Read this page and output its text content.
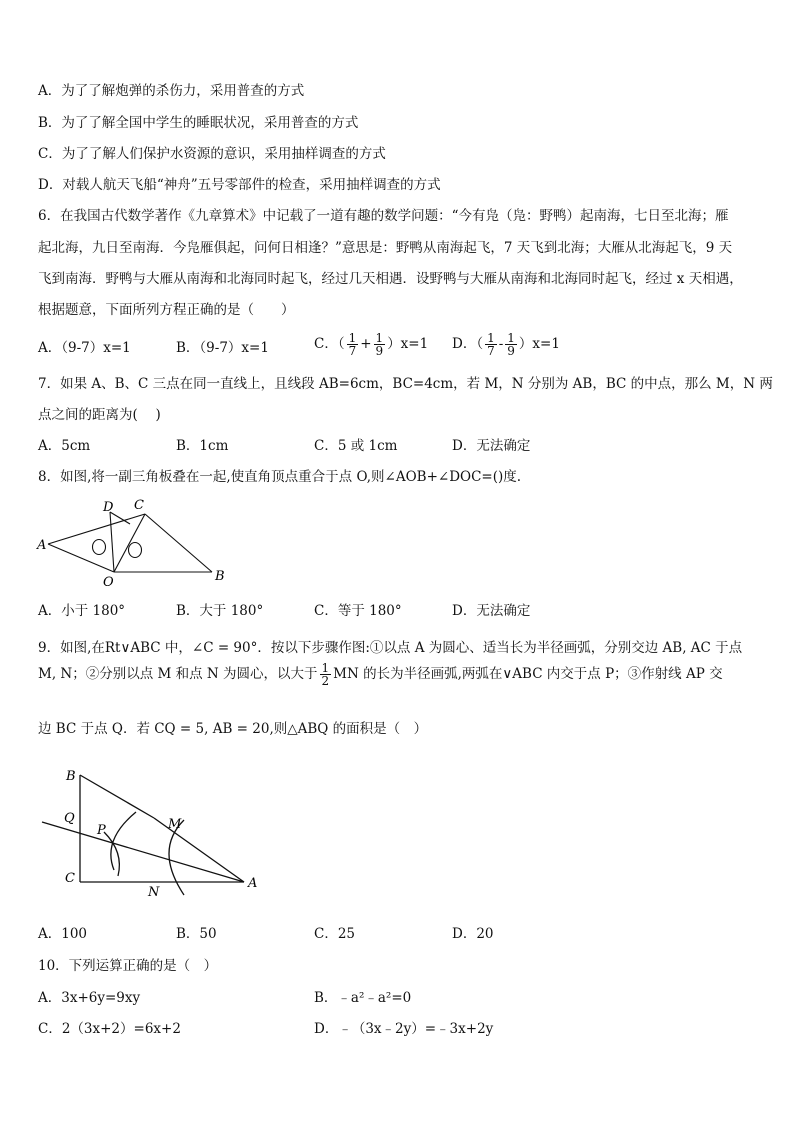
A．为了了解炮弹的杀伤力，采用普查的方式
B．为了了解全国中学生的睡眠状况，采用普查的方式
C．为了了解人们保护水资源的意识，采用抽样调查的方式
D．对载人航天飞船“神舟”五号零部件的检查，采用抽样调查的方式
6．在我国古代数学著作《九章算术》中记载了一道有趣的数学问题：“今有凫（凫：野鸭）起南海，七日至北海；雁
起北海，九日至南海．今凫雁俱起，问何日相逢？”意思是：野鸭从南海起飞，7 天飞到北海；大雁从北海起飞，9 天
飞到南海．野鸭与大雁从南海和北海同时起飞，经过几天相遇．设野鸭与大雁从南海和北海同时起飞，经过 x 天相遇，
根据题意，下面所列方程正确的是（　　）
A．（9-7）x=1	B．（9-7）x=1	C．（ $\frac{1}{7} + \frac{1}{9} )x=1$ D．（ $\frac{1}{7} - \frac{1}{9} )x=1$
7．如果 A、B、C 三点在同一直线上，且线段 AB=6cm，BC=4cm，若 M，N 分别为 AB，BC 的中点，那么 M，N 两
点之间的距离为(　 )
A．5cm	B．1cm	C．5 或 1cm	D．无法确定
8．如图,将一副三角板叠在一起,使直角顶点重合于点 O,则∠AOB+∠DOC=()度.
D C
A
O	B
A．小于 180°	B．大于 180°	C．等于 180°	D．无法确定
9．如图,在Rt∨ABC 中，∠C = 90°．按以下步骤作图:①以点 A 为圆心、适当长为半径画弧，分别交边 AB, AC 于点
M, N；②分别以点 M 和点 N 为圆心，以大于 $\frac{1}{2}$ MN 的长为半径画弧,两弧在∨ABC 内交于点 P；③作射线 AP 交
边 BC 于点 Q．若 CQ = 5, AB = 20,则△ABQ 的面积是（　）
B
Q
P	M
C
N
A
A．100	B．50	C．25	D．20
10．下列运算正确的是（　）
A．3x+6y=9xy	B．﹣a²﹣a²=0
C．2（3x+2）=6x+2	D．﹣（3x﹣2y）=﹣3x+2y
